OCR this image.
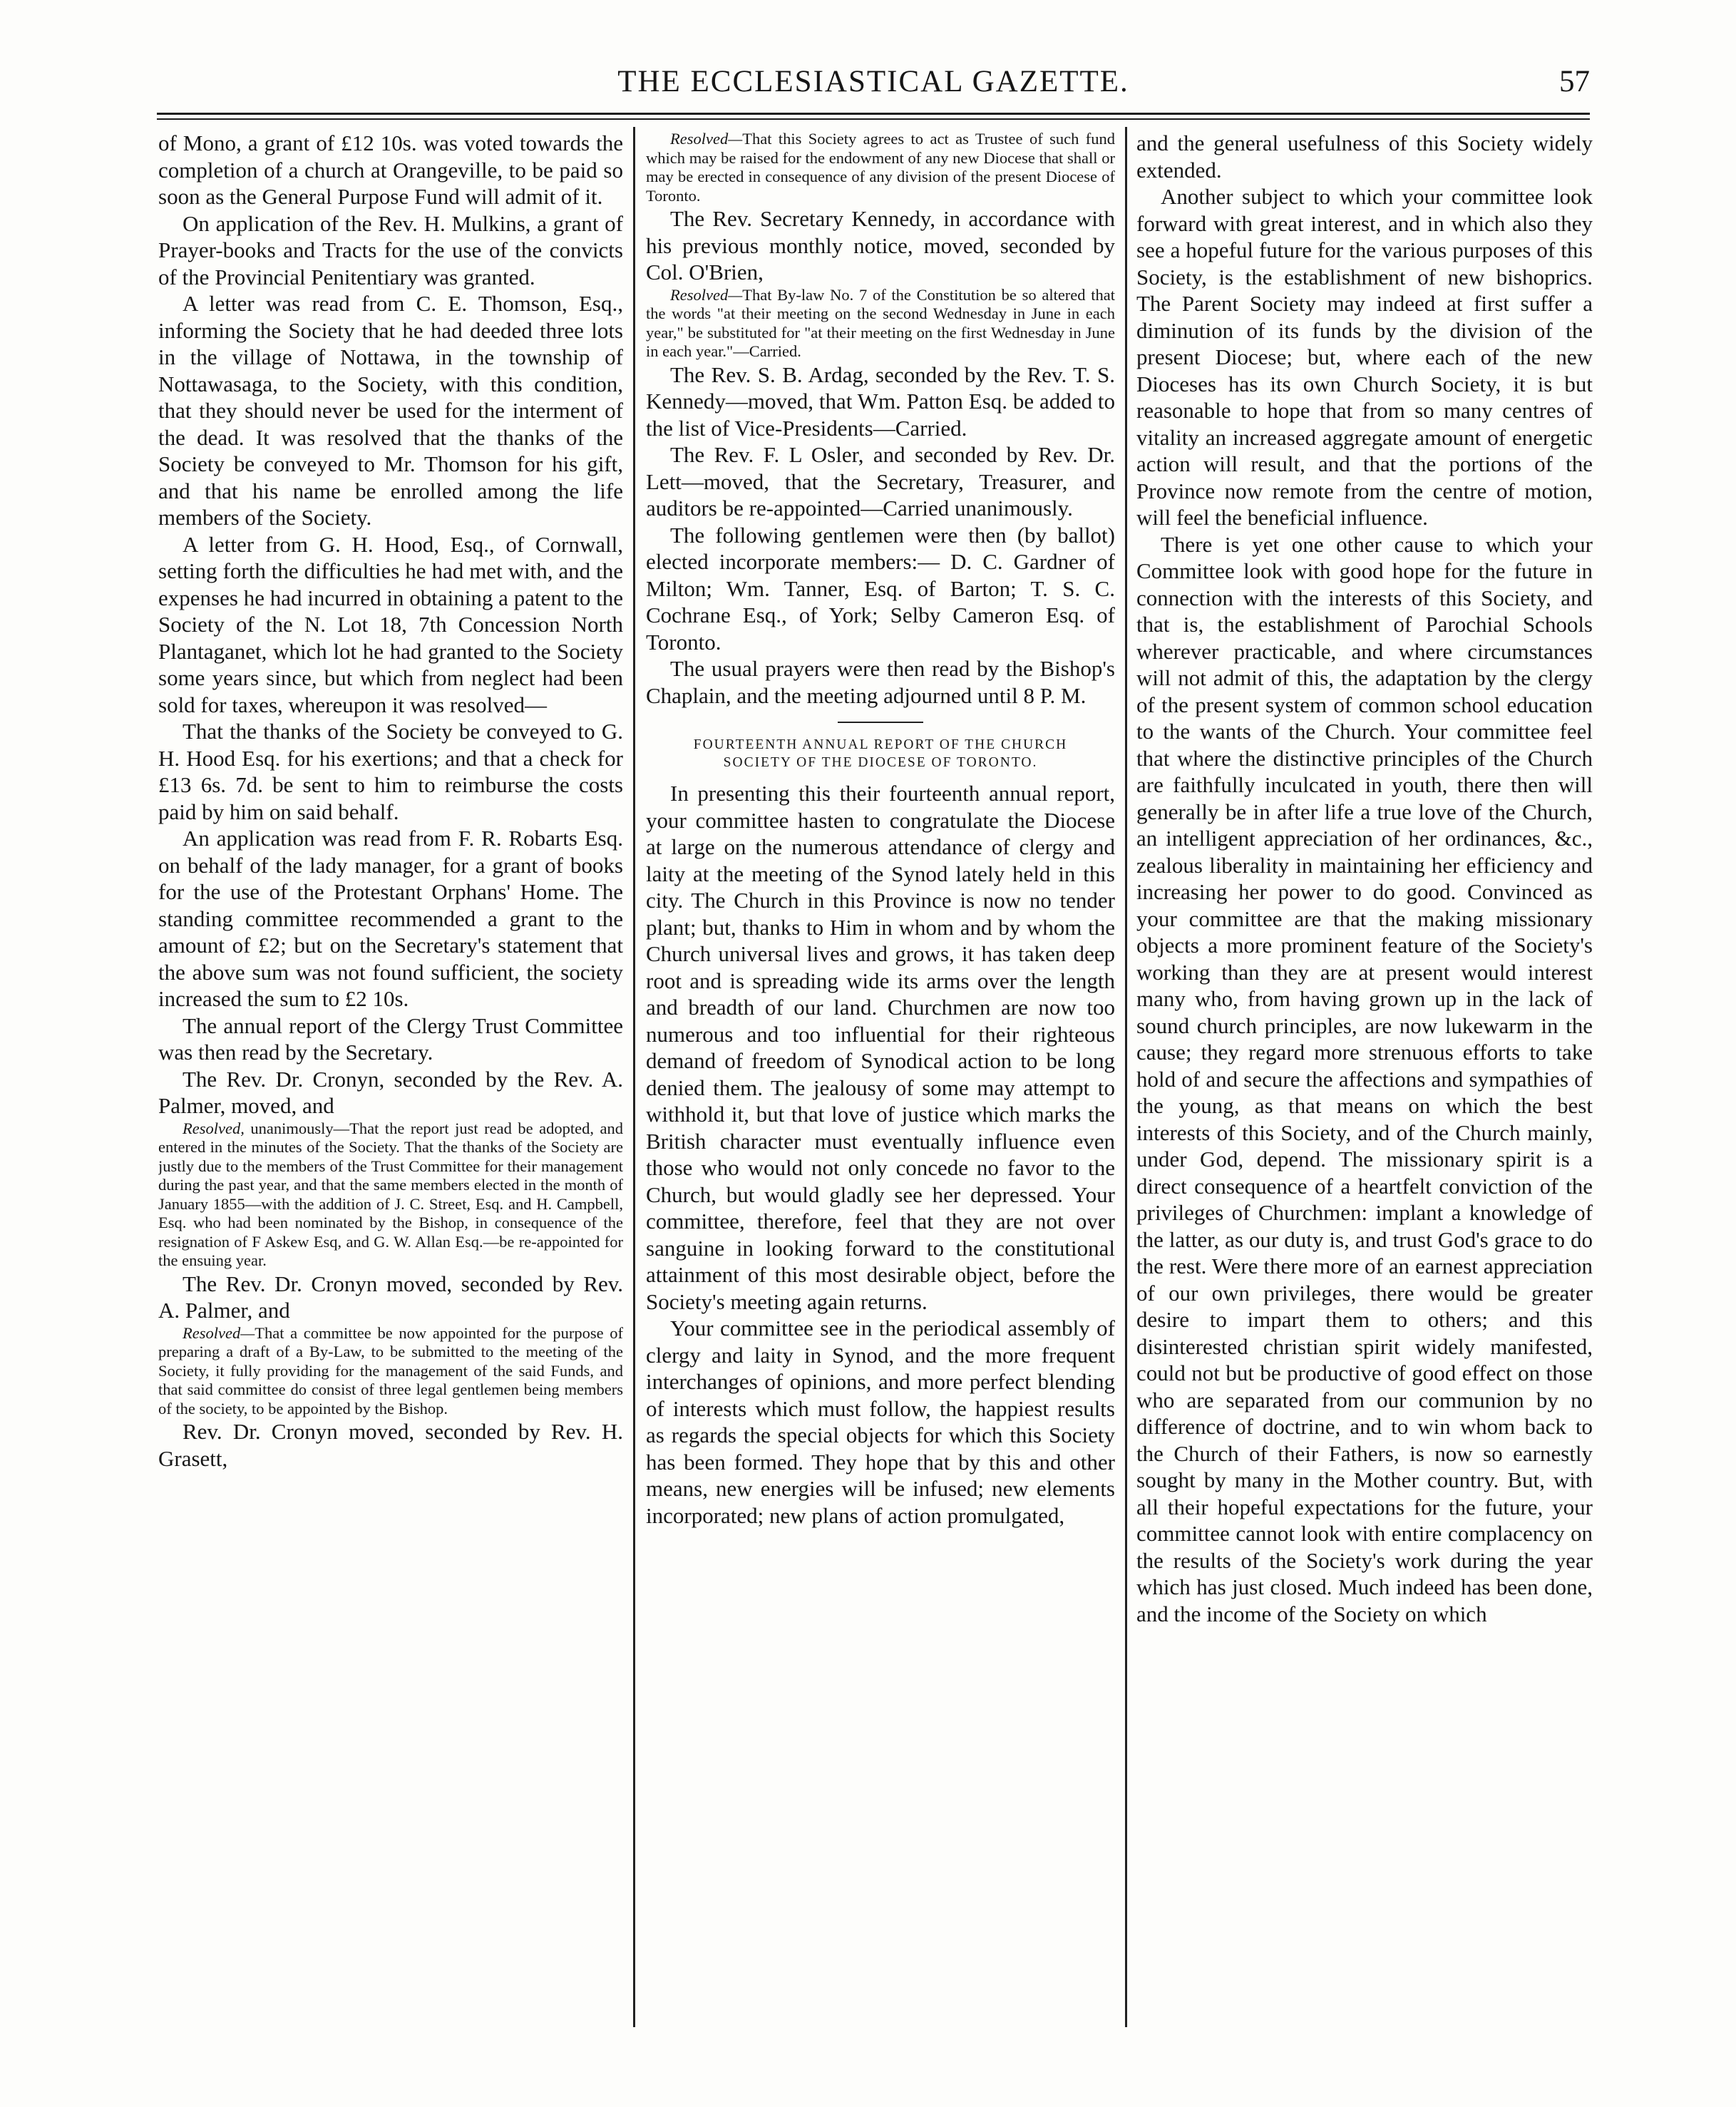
THE ECCLESIASTICAL GAZETTE.	57

of Mono, a grant of £12 10s. was voted towards the completion of a church at Orangeville, to be paid so soon as the General Purpose Fund will admit of it.

On application of the Rev. H. Mulkins, a grant of Prayer-books and Tracts for the use of the convicts of the Provincial Penitentiary was granted.

A letter was read from C. E. Thomson, Esq., informing the Society that he had deeded three lots in the village of Nottawa, in the township of Nottawasaga, to the Society, with this condition, that they should never be used for the interment of the dead. It was resolved that the thanks of the Society be conveyed to Mr. Thomson for his gift, and that his name be enrolled among the life members of the Society.

A letter from G. H. Hood, Esq., of Cornwall, setting forth the difficulties he had met with, and the expenses he had incurred in obtaining a patent to the Society of the N. Lot 18, 7th Concession North Plantaganet, which lot he had granted to the Society some years since, but which from neglect had been sold for taxes, whereupon it was resolved—

That the thanks of the Society be conveyed to G. H. Hood Esq. for his exertions; and that a check for £13 6s. 7d. be sent to him to reimburse the costs paid by him on said behalf.

An application was read from F. R. Robarts Esq. on behalf of the lady manager, for a grant of books for the use of the Protestant Orphans' Home. The standing committee recommended a grant to the amount of £2; but on the Secretary's statement that the above sum was not found sufficient, the society increased the sum to £2 10s.

The annual report of the Clergy Trust Committee was then read by the Secretary.

The Rev. Dr. Cronyn, seconded by the Rev. A. Palmer, moved, and

Resolved, unanimously—That the report just read be adopted, and entered in the minutes of the Society. That the thanks of the Society are justly due to the members of the Trust Committee for their management during the past year, and that the same members elected in the month of January 1855—with the addition of J. C. Street, Esq. and H. Campbell, Esq. who had been nominated by the Bishop, in consequence of the resignation of F Askew Esq, and G. W. Allan Esq.—be re-appointed for the ensuing year.

The Rev. Dr. Cronyn moved, seconded by Rev. A. Palmer, and

Resolved—That a committee be now appointed for the purpose of preparing a draft of a By-Law, to be submitted to the meeting of the Society, it fully providing for the management of the said Funds, and that said committee do consist of three legal gentlemen being members of the society, to be appointed by the Bishop.

Rev. Dr. Cronyn moved, seconded by Rev. H. Grasett,

Resolved—That this Society agrees to act as Trustee of such fund which may be raised for the endowment of any new Diocese that shall or may be erected in consequence of any division of the present Diocese of Toronto.

The Rev. Secretary Kennedy, in accordance with his previous monthly notice, moved, seconded by Col. O'Brien,

Resolved—That By-law No. 7 of the Constitution be so altered that the words "at their meeting on the second Wednesday in June in each year," be substituted for "at their meeting on the first Wednesday in June in each year."—Carried.

The Rev. S. B. Ardag, seconded by the Rev. T. S. Kennedy—moved, that Wm. Patton Esq. be added to the list of Vice-Presidents—Carried.

The Rev. F. L Osler, and seconded by Rev. Dr. Lett—moved, that the Secretary, Treasurer, and auditors be re-appointed—Carried unanimously.

The following gentlemen were then (by ballot) elected incorporate members:— D. C. Gardner of Milton; Wm. Tanner, Esq. of Barton; T. S. C. Cochrane Esq., of York; Selby Cameron Esq. of Toronto.

The usual prayers were then read by the Bishop's Chaplain, and the meeting adjourned until 8 P. M.

FOURTEENTH ANNUAL REPORT OF THE CHURCH
SOCIETY OF THE DIOCESE OF TORONTO.

In presenting this their fourteenth annual report, your committee hasten to congratulate the Diocese at large on the numerous attendance of clergy and laity at the meeting of the Synod lately held in this city. The Church in this Province is now no tender plant; but, thanks to Him in whom and by whom the Church universal lives and grows, it has taken deep root and is spreading wide its arms over the length and breadth of our land. Churchmen are now too numerous and too influential for their righteous demand of freedom of Synodical action to be long denied them. The jealousy of some may attempt to withhold it, but that love of justice which marks the British character must eventually influence even those who would not only concede no favor to the Church, but would gladly see her depressed. Your committee, therefore, feel that they are not over sanguine in looking forward to the constitutional attainment of this most desirable object, before the Society's meeting again returns.

Your committee see in the periodical assembly of clergy and laity in Synod, and the more frequent interchanges of opinions, and more perfect blending of interests which must follow, the happiest results as regards the special objects for which this Society has been formed. They hope that by this and other means, new energies will be infused; new elements incorporated; new plans of action promulgated,

and the general usefulness of this Society widely extended.

Another subject to which your committee look forward with great interest, and in which also they see a hopeful future for the various purposes of this Society, is the establishment of new bishoprics. The Parent Society may indeed at first suffer a diminution of its funds by the division of the present Diocese; but, where each of the new Dioceses has its own Church Society, it is but reasonable to hope that from so many centres of vitality an increased aggregate amount of energetic action will result, and that the portions of the Province now remote from the centre of motion, will feel the beneficial influence.

There is yet one other cause to which your Committee look with good hope for the future in connection with the interests of this Society, and that is, the establishment of Parochial Schools wherever practicable, and where circumstances will not admit of this, the adaptation by the clergy of the present system of common school education to the wants of the Church. Your committee feel that where the distinctive principles of the Church are faithfully inculcated in youth, there then will generally be in after life a true love of the Church, an intelligent appreciation of her ordinances, &c., zealous liberality in maintaining her efficiency and increasing her power to do good. Convinced as your committee are that the making missionary objects a more prominent feature of the Society's working than they are at present would interest many who, from having grown up in the lack of sound church principles, are now lukewarm in the cause; they regard more strenuous efforts to take hold of and secure the affections and sympathies of the young, as that means on which the best interests of this Society, and of the Church mainly, under God, depend. The missionary spirit is a direct consequence of a heartfelt conviction of the privileges of Churchmen: implant a knowledge of the latter, as our duty is, and trust God's grace to do the rest. Were there more of an earnest appreciation of our own privileges, there would be greater desire to impart them to others; and this disinterested christian spirit widely manifested, could not but be productive of good effect on those who are separated from our communion by no difference of doctrine, and to win whom back to the Church of their Fathers, is now so earnestly sought by many in the Mother country. But, with all their hopeful expectations for the future, your committee cannot look with entire complacency on the results of the Society's work during the year which has just closed. Much indeed has been done, and the income of the Society on which
